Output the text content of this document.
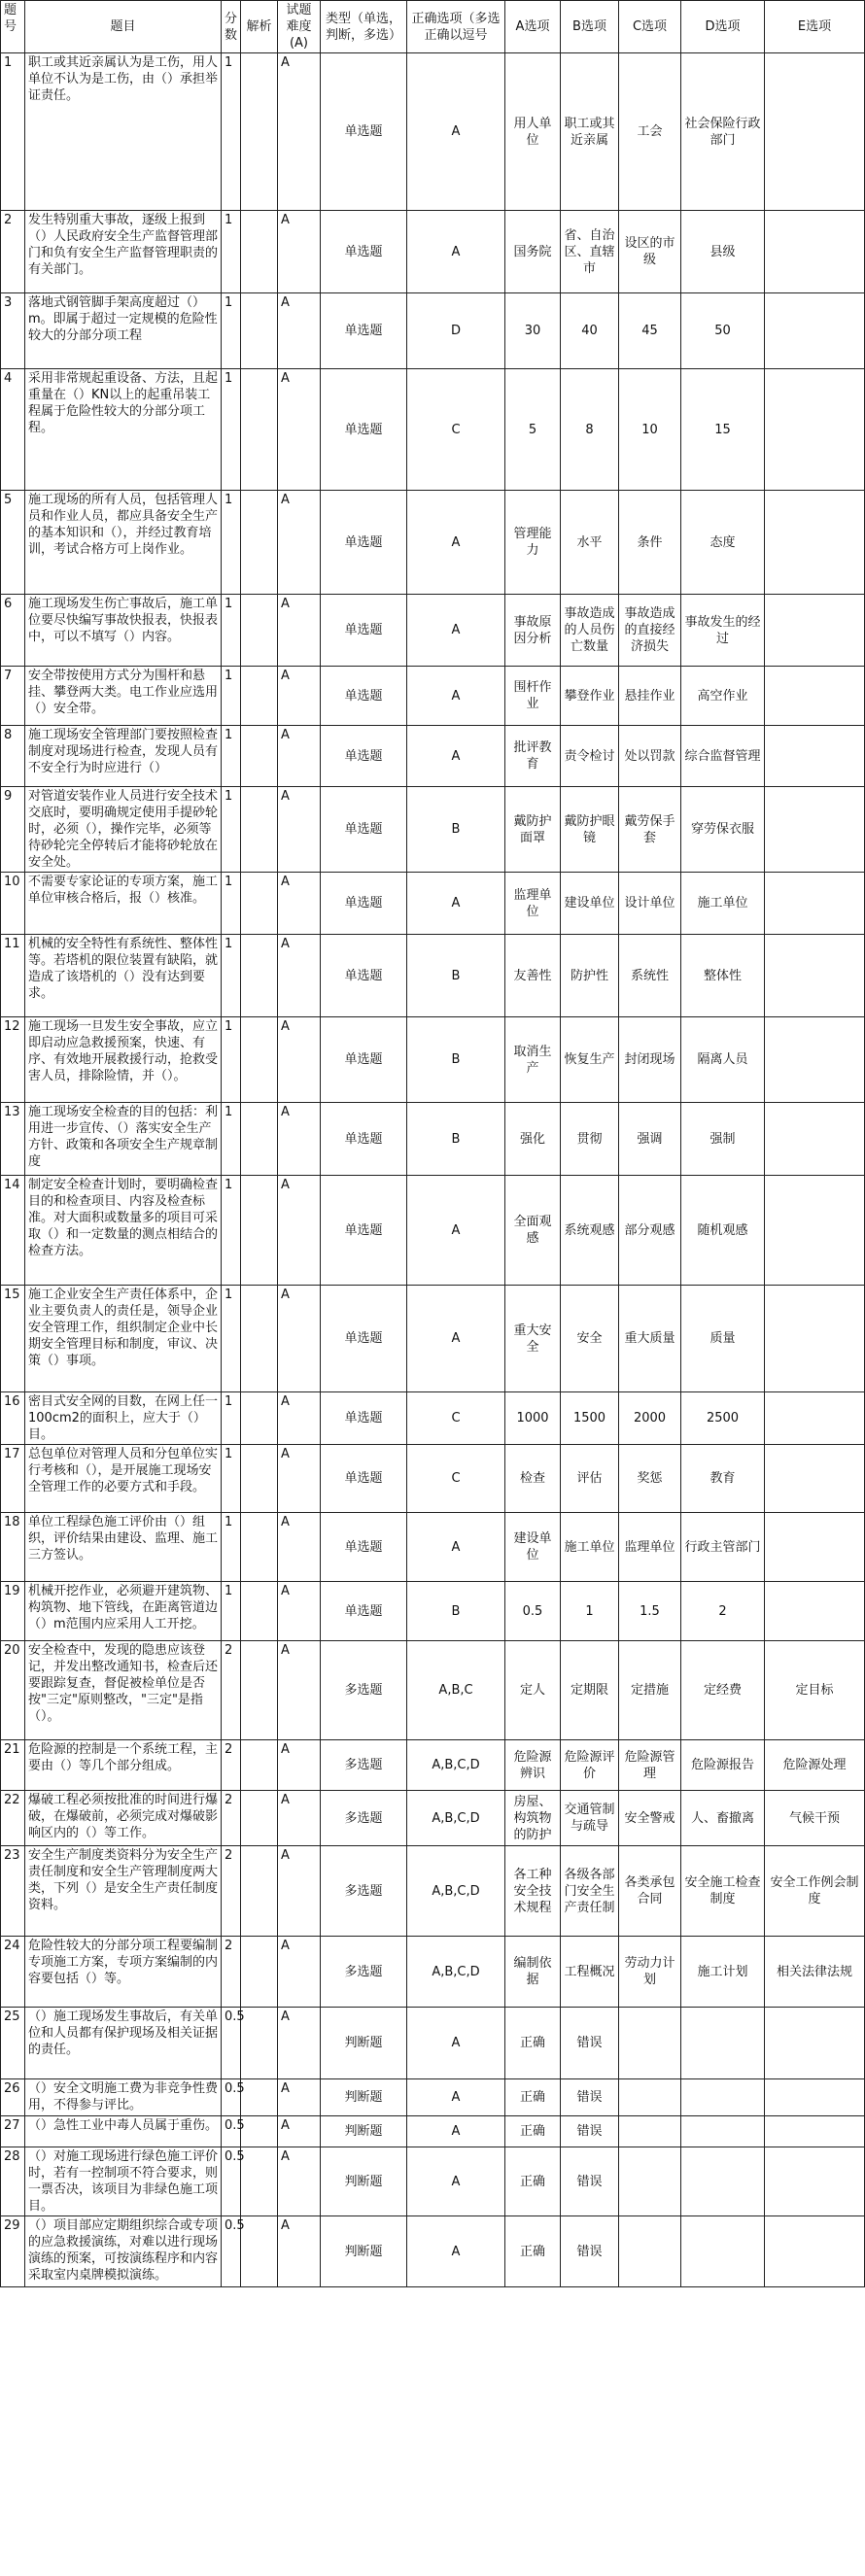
题号	题目	分数	解析	试题难度(A)	类型（单选，判断，多选）	正确选项（多选正确以逗号	A选项	B选项	C选项	D选项	E选项
1	职工或其近亲属认为是工伤，用人单位不认为是工伤，由（）承担举证责任。	1		A	单选题	A	用人单位	职工或其近亲属	工会	社会保险行政部门	
2	发生特别重大事故，逐级上报到（）人民政府安全生产监督管理部门和负有安全生产监督管理职责的有关部门。	1		A	单选题	A	国务院	省、自治区、直辖市	设区的市级	县级	
3	落地式钢管脚手架高度超过（）m。即属于超过一定规模的危险性较大的分部分项工程	1		A	单选题	D	30	40	45	50	
4	采用非常规起重设备、方法，且起重量在（）KN以上的起重吊装工程属于危险性较大的分部分项工程。	1		A	单选题	C	5	8	10	15	
5	施工现场的所有人员，包括管理人员和作业人员，都应具备安全生产的基本知识和（），并经过教育培训，考试合格方可上岗作业。	1		A	单选题	A	管理能力	水平	条件	态度	
6	施工现场发生伤亡事故后，施工单位要尽快编写事故快报表，快报表中，可以不填写（）内容。	1		A	单选题	A	事故原因分析	事故造成的人员伤亡数量	事故造成的直接经济损失	事故发生的经过	
7	安全带按使用方式分为围杆和悬挂、攀登两大类。电工作业应选用（）安全带。	1		A	单选题	A	围杆作业	攀登作业	悬挂作业	高空作业	
8	施工现场安全管理部门要按照检查制度对现场进行检查，发现人员有不安全行为时应进行（）	1		A	单选题	A	批评教育	责令检讨	处以罚款	综合监督管理	
9	对管道安装作业人员进行安全技术交底时，要明确规定使用手提砂轮时，必须（），操作完毕，必须等待砂轮完全停转后才能将砂轮放在安全处。	1		A	单选题	B	戴防护面罩	戴防护眼镜	戴劳保手套	穿劳保衣服	
10	不需要专家论证的专项方案，施工单位审核合格后，报（）核准。	1		A	单选题	A	监理单位	建设单位	设计单位	施工单位	
11	机械的安全特性有系统性、整体性等。若塔机的限位装置有缺陷，就造成了该塔机的（）没有达到要求。	1		A	单选题	B	友善性	防护性	系统性	整体性	
12	施工现场一旦发生安全事故，应立即启动应急救援预案，快速、有序、有效地开展救援行动，抢救受害人员，排除险情，并（）。	1		A	单选题	B	取消生产	恢复生产	封闭现场	隔离人员	
13	施工现场安全检查的目的包括：利用进一步宣传、（）落实安全生产方针、政策和各项安全生产规章制度	1		A	单选题	B	强化	贯彻	强调	强制	
14	制定安全检查计划时，要明确检查目的和检查项目、内容及检查标准。对大面积或数量多的项目可采取（）和一定数量的测点相结合的检查方法。	1		A	单选题	A	全面观感	系统观感	部分观感	随机观感	
15	施工企业安全生产责任体系中，企业主要负责人的责任是，领导企业安全管理工作，组织制定企业中长期安全管理目标和制度，审议、决策（）事项。	1		A	单选题	A	重大安全	安全	重大质量	质量	
16	密目式安全网的目数，在网上任一100cm2的面积上，应大于（）目。	1		A	单选题	C	1000	1500	2000	2500	
17	总包单位对管理人员和分包单位实行考核和（），是开展施工现场安全管理工作的必要方式和手段。	1		A	单选题	C	检查	评估	奖惩	教育	
18	单位工程绿色施工评价由（）组织，评价结果由建设、监理、施工三方签认。	1		A	单选题	A	建设单位	施工单位	监理单位	行政主管部门	
19	机械开挖作业，必须避开建筑物、构筑物、地下管线，在距离管道边（）m范围内应采用人工开挖。	1		A	单选题	B	0.5	1	1.5	2	
20	安全检查中，发现的隐患应该登记，并发出整改通知书，检查后还要跟踪复查，督促被检单位是否按"三定"原则整改，"三定"是指（）。	2		A	多选题	A,B,C	定人	定期限	定措施	定经费	定目标
21	危险源的控制是一个系统工程，主要由（）等几个部分组成。	2		A	多选题	A,B,C,D	危险源辨识	危险源评价	危险源管理	危险源报告	危险源处理
22	爆破工程必须按批准的时间进行爆破，在爆破前，必须完成对爆破影响区内的（）等工作。	2		A	多选题	A,B,C,D	房屋、构筑物的防护	交通管制与疏导	安全警戒	人、畜撤离	气候干预
23	安全生产制度类资料分为安全生产责任制度和安全生产管理制度两大类，下列（）是安全生产责任制度资料。	2		A	多选题	A,B,C,D	各工种安全技术规程	各级各部门安全生产责任制	各类承包合同	安全施工检查制度	安全工作例会制度
24	危险性较大的分部分项工程要编制专项施工方案，专项方案编制的内容要包括（）等。	2		A	多选题	A,B,C,D	编制依据	工程概况	劳动力计划	施工计划	相关法律法规
25	（）施工现场发生事故后，有关单位和人员都有保护现场及相关证据的责任。	0.5		A	判断题	A	正确	错误			
26	（）安全文明施工费为非竞争性费用，不得参与评比。	0.5		A	判断题	A	正确	错误			
27	（）急性工业中毒人员属于重伤。	0.5		A	判断题	A	正确	错误			
28	（）对施工现场进行绿色施工评价时，若有一控制项不符合要求，则一票否决，该项目为非绿色施工项目。	0.5		A	判断题	A	正确	错误			
29	（）项目部应定期组织综合或专项的应急救援演练，对难以进行现场演练的预案，可按演练程序和内容采取室内桌牌模拟演练。	0.5		A	判断题	A	正确	错误			
